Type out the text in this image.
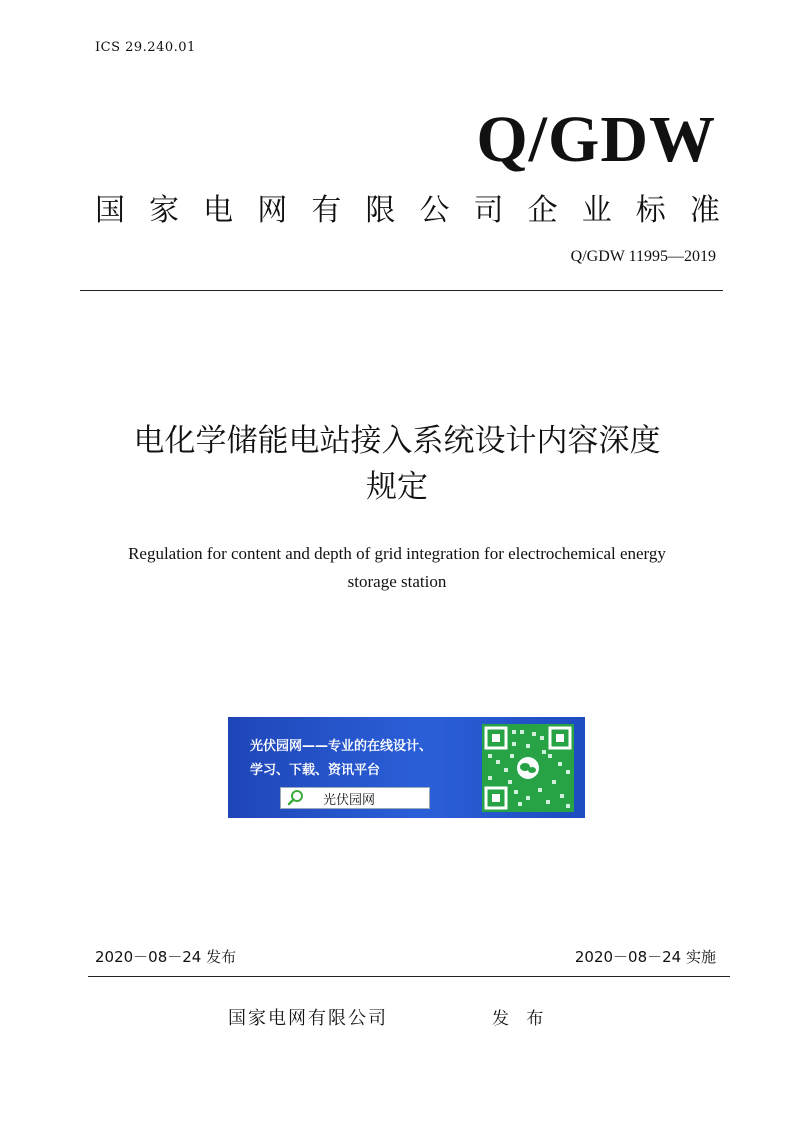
ICS 29.240.01
Q/GDW
国 家 电 网 有 限 公 司 企 业 标 准
Q/GDW 11995—2019
电化学储能电站接入系统设计内容深度
规定
Regulation for content and depth of grid integration for electrochemical energy
storage station
光伏园网——专业的在线设计、
学习、下载、资讯平台
光伏园网
2020－08－24 发布	2020－08－24 实施
国家电网有限公司	发 布
